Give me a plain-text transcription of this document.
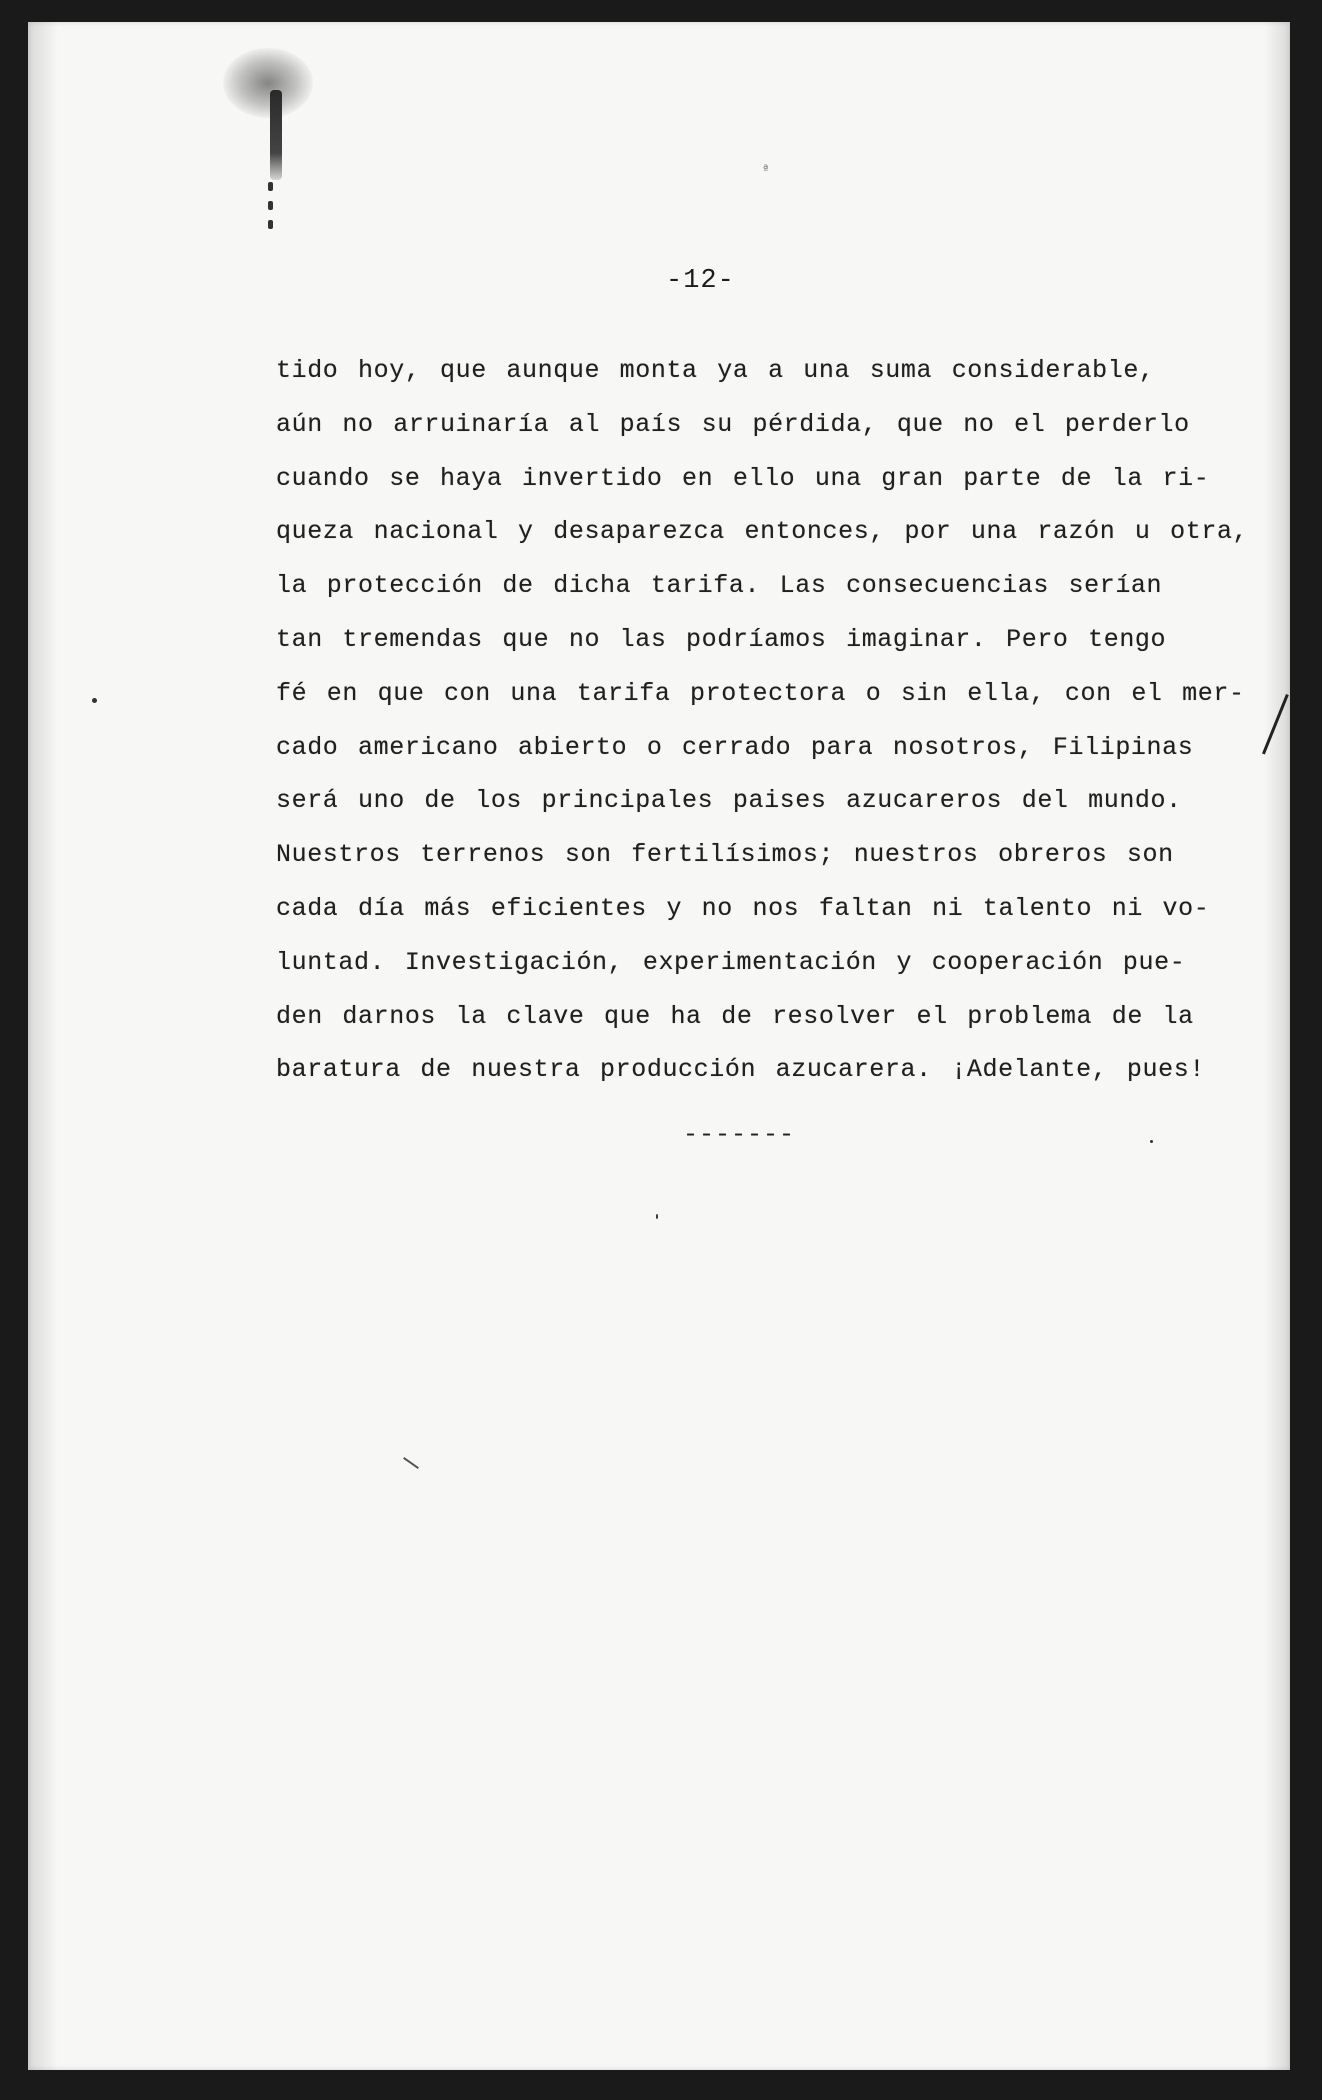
ª
-12-
tido hoy, que aunque monta ya a una suma considerable,
aún no arruinaría al país su pérdida, que no el perderlo
cuando se haya invertido en ello una gran parte de la ri-
queza nacional y desaparezca entonces, por una razón u otra,
la protección de dicha tarifa. Las consecuencias serían
tan tremendas que no las podríamos imaginar. Pero tengo
fé en que con una tarifa protectora o sin ella, con el mer-
cado americano abierto o cerrado para nosotros, Filipinas
será uno de los principales paises azucareros del mundo.
Nuestros terrenos son fertilísimos; nuestros obreros son
cada día más eficientes y no nos faltan ni talento ni vo-
luntad. Investigación, experimentación y cooperación pue-
den darnos la clave que ha de resolver el problema de la
baratura de nuestra producción azucarera. ¡Adelante, pues!
-------
